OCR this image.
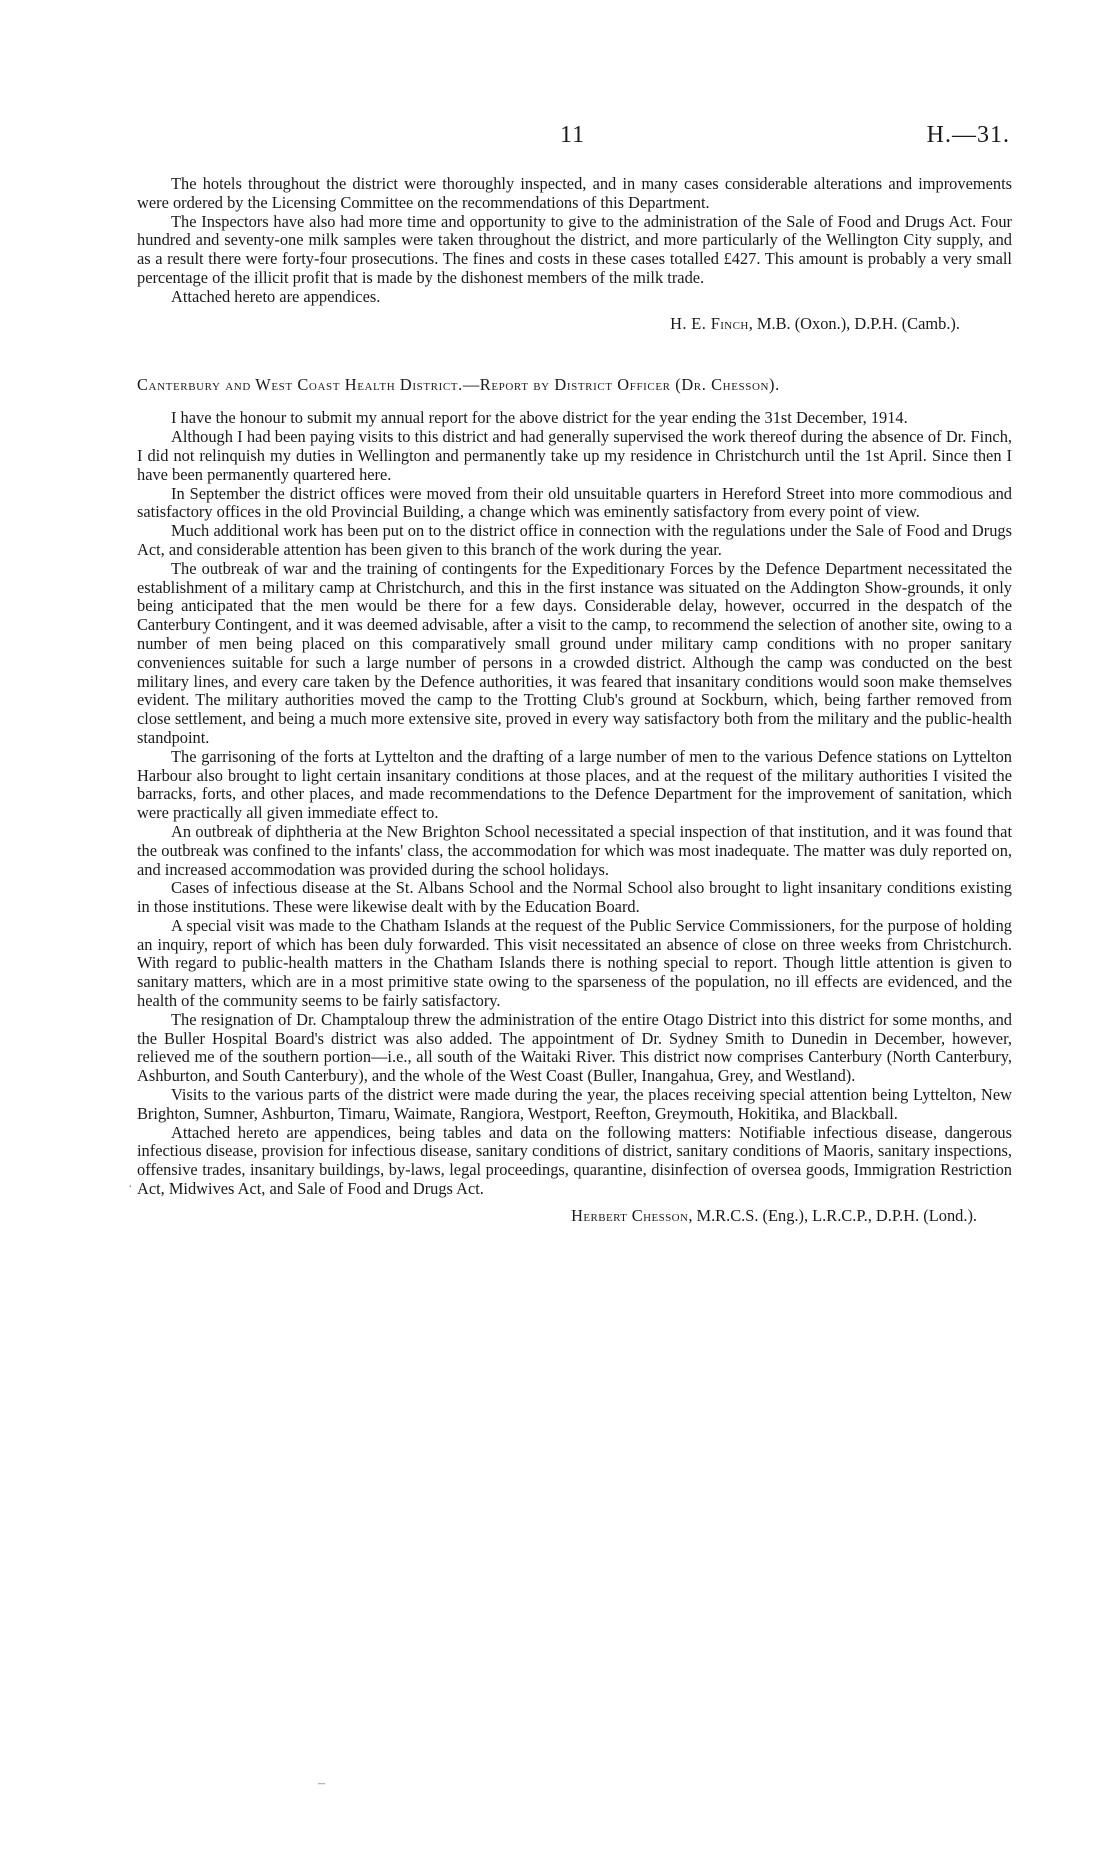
11	H.—31.

The hotels throughout the district were thoroughly inspected, and in many cases considerable alterations and improvements were ordered by the Licensing Committee on the recommendations of this Department.

The Inspectors have also had more time and opportunity to give to the administration of the Sale of Food and Drugs Act. Four hundred and seventy-one milk samples were taken throughout the district, and more particularly of the Wellington City supply, and as a result there were forty-four prosecutions. The fines and costs in these cases totalled £427. This amount is probably a very small percentage of the illicit profit that is made by the dishonest members of the milk trade.

Attached hereto are appendices.

H. E. Finch, M.B. (Oxon.), D.P.H. (Camb.).
Canterbury and West Coast Health District.—Report by District Officer (Dr. Chesson).

I have the honour to submit my annual report for the above district for the year ending the 31st December, 1914.

Although I had been paying visits to this district and had generally supervised the work thereof during the absence of Dr. Finch, I did not relinquish my duties in Wellington and permanently take up my residence in Christchurch until the 1st April. Since then I have been permanently quartered here.

In September the district offices were moved from their old unsuitable quarters in Hereford Street into more commodious and satisfactory offices in the old Provincial Building, a change which was eminently satisfactory from every point of view.

Much additional work has been put on to the district office in connection with the regulations under the Sale of Food and Drugs Act, and considerable attention has been given to this branch of the work during the year.

The outbreak of war and the training of contingents for the Expeditionary Forces by the Defence Department necessitated the establishment of a military camp at Christchurch, and this in the first instance was situated on the Addington Show-grounds, it only being anticipated that the men would be there for a few days. Considerable delay, however, occurred in the despatch of the Canterbury Contingent, and it was deemed advisable, after a visit to the camp, to recommend the selection of another site, owing to a number of men being placed on this comparatively small ground under military camp conditions with no proper sanitary conveniences suitable for such a large number of persons in a crowded district. Although the camp was conducted on the best military lines, and every care taken by the Defence authorities, it was feared that insanitary conditions would soon make themselves evident. The military authorities moved the camp to the Trotting Club's ground at Sockburn, which, being farther removed from close settlement, and being a much more extensive site, proved in every way satisfactory both from the military and the public-health standpoint.

The garrisoning of the forts at Lyttelton and the drafting of a large number of men to the various Defence stations on Lyttelton Harbour also brought to light certain insanitary conditions at those places, and at the request of the military authorities I visited the barracks, forts, and other places, and made recommendations to the Defence Department for the improvement of sanitation, which were practically all given immediate effect to.

An outbreak of diphtheria at the New Brighton School necessitated a special inspection of that institution, and it was found that the outbreak was confined to the infants' class, the accommodation for which was most inadequate. The matter was duly reported on, and increased accommodation was provided during the school holidays.

Cases of infectious disease at the St. Albans School and the Normal School also brought to light insanitary conditions existing in those institutions. These were likewise dealt with by the Education Board.

A special visit was made to the Chatham Islands at the request of the Public Service Commissioners, for the purpose of holding an inquiry, report of which has been duly forwarded. This visit necessitated an absence of close on three weeks from Christchurch. With regard to public-health matters in the Chatham Islands there is nothing special to report. Though little attention is given to sanitary matters, which are in a most primitive state owing to the sparseness of the population, no ill effects are evidenced, and the health of the community seems to be fairly satisfactory.

The resignation of Dr. Champtaloup threw the administration of the entire Otago District into this district for some months, and the Buller Hospital Board's district was also added. The appointment of Dr. Sydney Smith to Dunedin in December, however, relieved me of the southern portion—i.e., all south of the Waitaki River. This district now comprises Canterbury (North Canterbury, Ashburton, and South Canterbury), and the whole of the West Coast (Buller, Inangahua, Grey, and Westland).

Visits to the various parts of the district were made during the year, the places receiving special attention being Lyttelton, New Brighton, Sumner, Ashburton, Timaru, Waimate, Rangiora, Westport, Reefton, Greymouth, Hokitika, and Blackball.

Attached hereto are appendices, being tables and data on the following matters: Notifiable infectious disease, dangerous infectious disease, provision for infectious disease, sanitary conditions of district, sanitary conditions of Maoris, sanitary inspections, offensive trades, insanitary buildings, by-laws, legal proceedings, quarantine, disinfection of oversea goods, Immigration Restriction Act, Midwives Act, and Sale of Food and Drugs Act.

Herbert Chesson, M.R.C.S. (Eng.), L.R.C.P., D.P.H. (Lond.).
·
–
